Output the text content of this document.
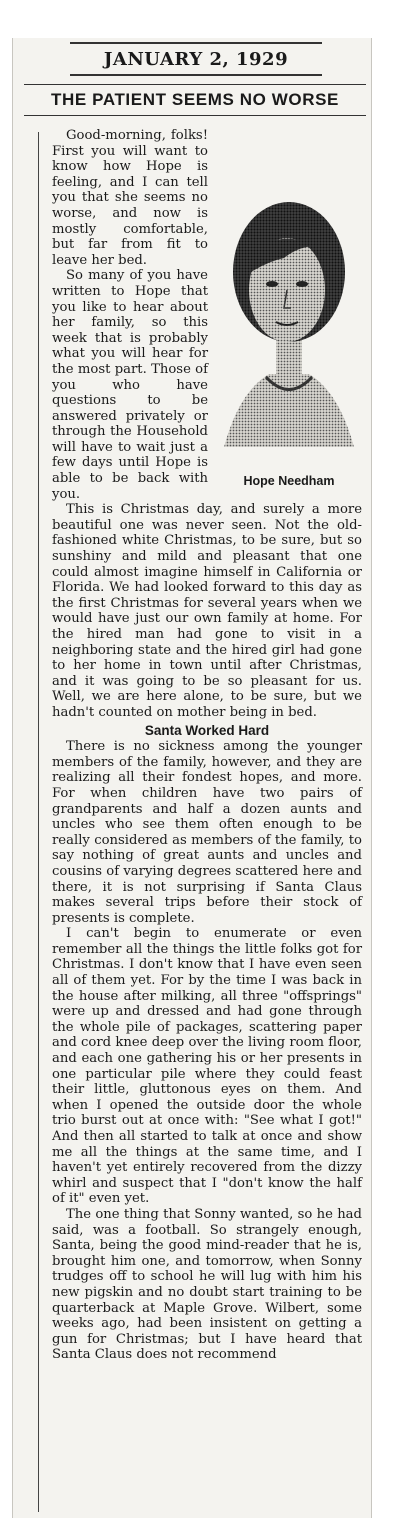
JANUARY 2, 1929
THE PATIENT SEEMS NO WORSE
Hope Needham

Good-morning, folks! First you will want to know how Hope is feeling, and I can tell you that she seems no worse, and now is mostly comfortable, but far from fit to leave her bed.

So many of you have written to Hope that you like to hear about her family, so this week that is probably what you will hear for the most part. Those of you who have questions to be answered privately or through the Household will have to wait just a few days until Hope is able to be back with you.

This is Christmas day, and surely a more beautiful one was never seen. Not the old-fashioned white Christmas, to be sure, but so sunshiny and mild and pleasant that one could almost imagine himself in California or Florida. We had looked forward to this day as the first Christmas for several years when we would have just our own family at home. For the hired man had gone to visit in a neighboring state and the hired girl had gone to her home in town until after Christmas, and it was going to be so pleasant for us. Well, we are here alone, to be sure, but we hadn't counted on mother being in bed.

Santa Worked Hard

There is no sickness among the younger members of the family, however, and they are realizing all their fondest hopes, and more. For when children have two pairs of grandparents and half a dozen aunts and uncles who see them often enough to be really considered as members of the family, to say nothing of great aunts and uncles and cousins of varying degrees scattered here and there, it is not surprising if Santa Claus makes several trips before their stock of presents is complete.

I can't begin to enumerate or even remember all the things the little folks got for Christmas. I don't know that I have even seen all of them yet. For by the time I was back in the house after milking, all three "offsprings" were up and dressed and had gone through the whole pile of packages, scattering paper and cord knee deep over the living room floor, and each one gathering his or her presents in one particular pile where they could feast their little, gluttonous eyes on them. And when I opened the outside door the whole trio burst out at once with: "See what I got!" And then all started to talk at once and show me all the things at the same time, and I haven't yet entirely recovered from the dizzy whirl and suspect that I "don't know the half of it" even yet.

The one thing that Sonny wanted, so he had said, was a football. So strangely enough, Santa, being the good mind-reader that he is, brought him one, and tomorrow, when Sonny trudges off to school he will lug with him his new pigskin and no doubt start training to be quarterback at Maple Grove. Wilbert, some weeks ago, had been insistent on getting a gun for Christmas; but I have heard that Santa Claus does not recommend
